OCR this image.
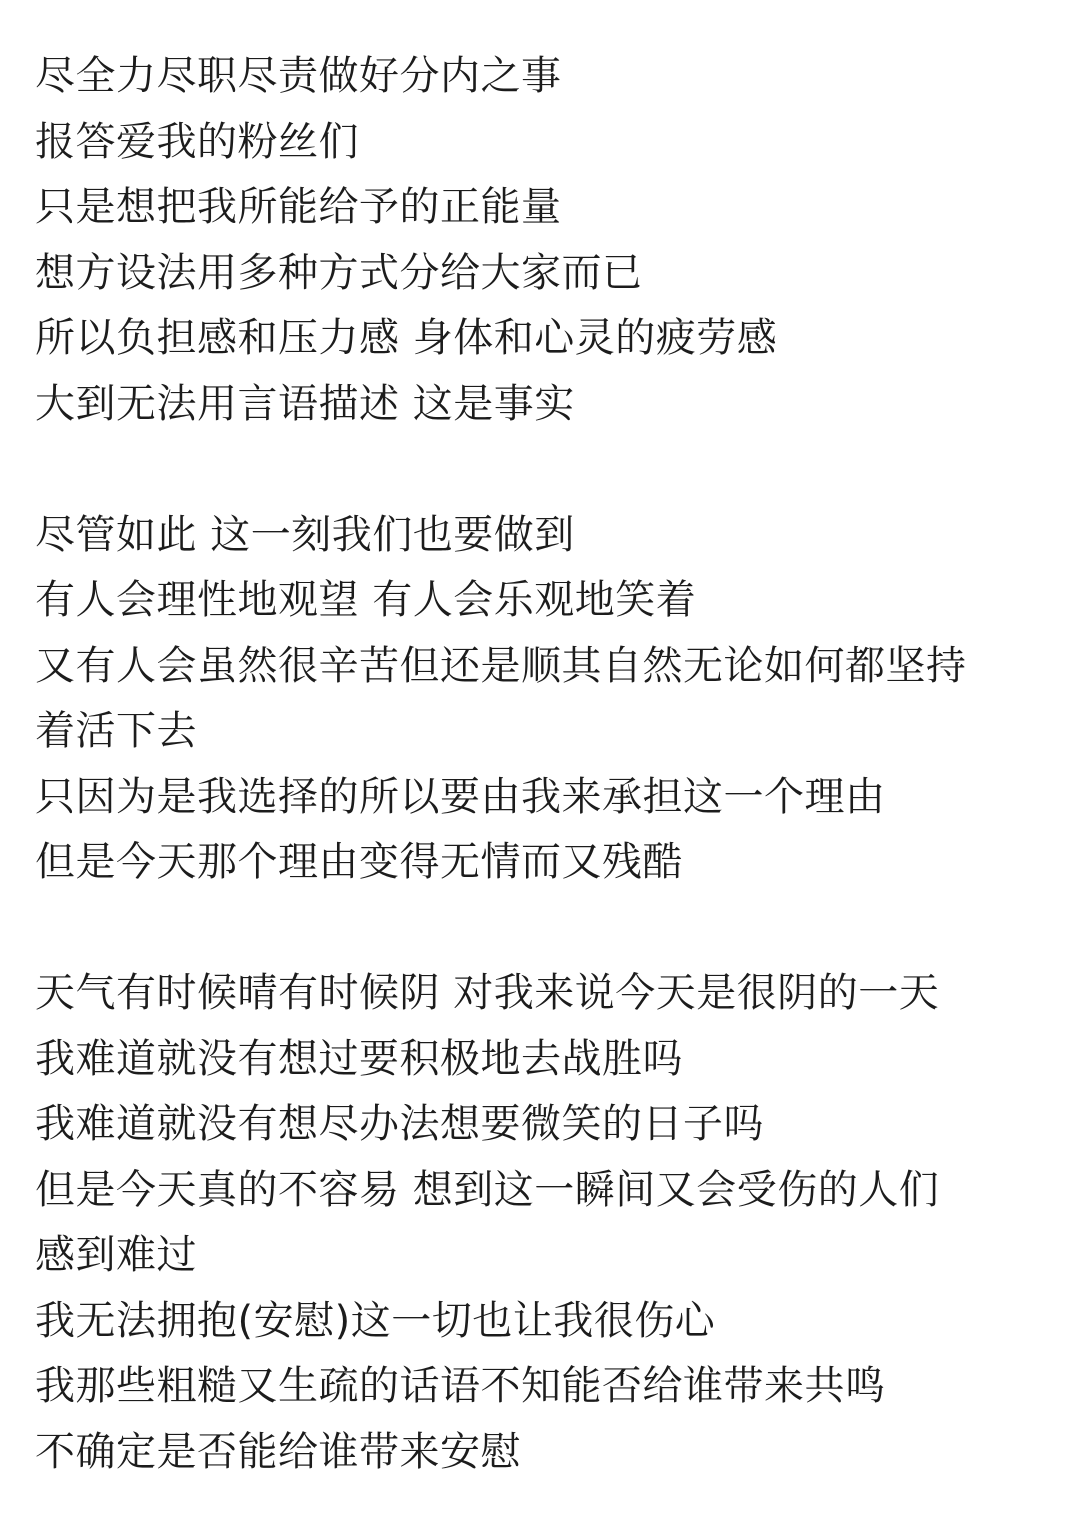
尽全力尽职尽责做好分内之事
报答爱我的粉丝们
只是想把我所能给予的正能量
想方设法用多种方式分给大家而已
所以负担感和压力感 身体和心灵的疲劳感
大到无法用言语描述 这是事实
尽管如此 这一刻我们也要做到
有人会理性地观望 有人会乐观地笑着
又有人会虽然很辛苦但还是顺其自然无论如何都坚持
着活下去
只因为是我选择的所以要由我来承担这一个理由
但是今天那个理由变得无情而又残酷
天气有时候晴有时候阴 对我来说今天是很阴的一天
我难道就没有想过要积极地去战胜吗
我难道就没有想尽办法想要微笑的日子吗
但是今天真的不容易 想到这一瞬间又会受伤的人们
感到难过
我无法拥抱(安慰)这一切也让我很伤心
我那些粗糙又生疏的话语不知能否给谁带来共鸣
不确定是否能给谁带来安慰
